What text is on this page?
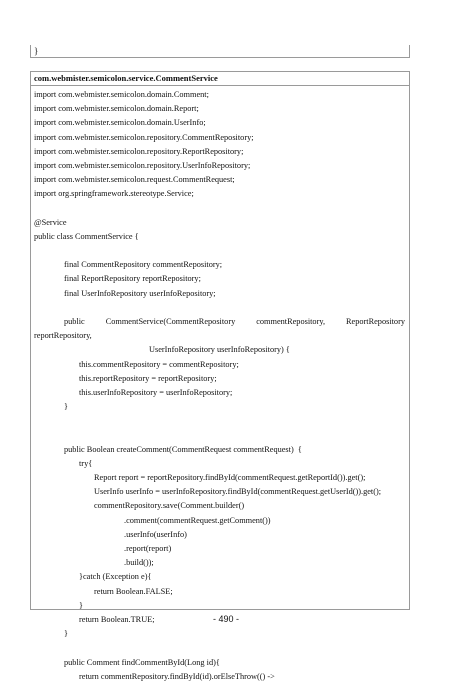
}
com.webmister.semicolon.service.CommentService
import com.webmister.semicolon.domain.Comment;
import com.webmister.semicolon.domain.Report;
import com.webmister.semicolon.domain.UserInfo;
import com.webmister.semicolon.repository.CommentRepository;
import com.webmister.semicolon.repository.ReportRepository;
import com.webmister.semicolon.repository.UserInfoRepository;
import com.webmister.semicolon.request.CommentRequest;
import org.springframework.stereotype.Service;
@Service
public class CommentService {
final CommentRepository commentRepository;
final ReportRepository reportRepository;
final UserInfoRepository userInfoRepository;
public	CommentService(CommentRepository	commentRepository,	ReportRepository
reportRepository,
UserInfoRepository userInfoRepository) {
this.commentRepository = commentRepository;
this.reportRepository = reportRepository;
this.userInfoRepository = userInfoRepository;
}
public Boolean createComment(CommentRequest commentRequest)  {
try{
Report report = reportRepository.findById(commentRequest.getReportId()).get();
UserInfo userInfo = userInfoRepository.findById(commentRequest.getUserId()).get();
commentRepository.save(Comment.builder()
.comment(commentRequest.getComment())
.userInfo(userInfo)
.report(report)
.build());
}catch (Exception e){
return Boolean.FALSE;
}
return Boolean.TRUE;
}
public Comment findCommentById(Long id){
return commentRepository.findById(id).orElseThrow(() ->
- 490 -
